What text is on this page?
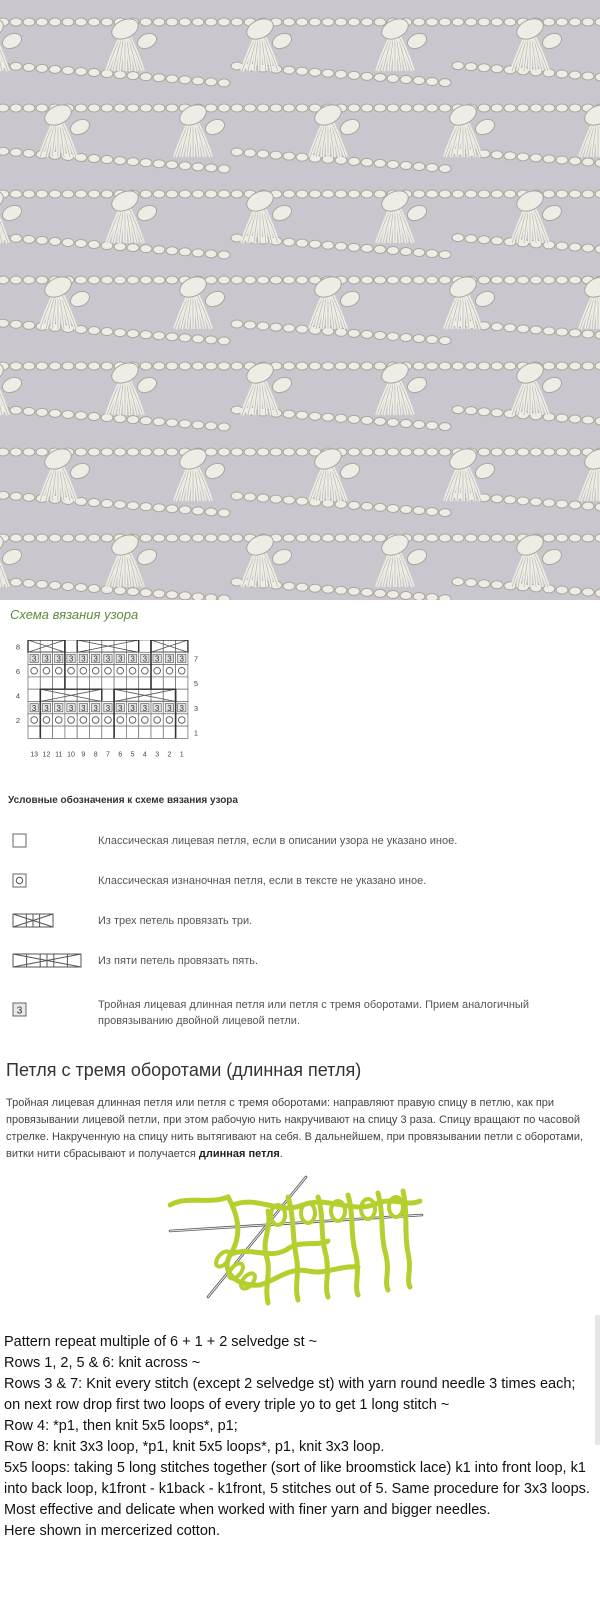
Схема вязания узора
3 3 3 3 3 3 3 3 3 3 3 3 3
3 3 3 3 3 3 3 3 3 3 3 3 3
8
6
4
2
7
5
3
1
13 12 11 10 9 8 7 6 5 4 3 2 1
Условные обозначения к схеме вязания узора
Классическая лицевая петля, если в описании узора не указано иное.
Классическая изнаночная петля, если в тексте не указано иное.
Из трех петель провязать три.
Из пяти петель провязать пять.
3	Тройная лицевая длинная петля или петля с тремя оборотами. Прием аналогичный провязыванию двойной лицевой петли.
Петля с тремя оборотами (длинная петля)
Тройная лицевая длинная петля или петля с тремя оборотами: направляют правую спицу в петлю, как при провязывании лицевой петли, при этом рабочую нить накручивают на спицу 3 раза. Спицу вращают по часовой стрелке. Накрученную на спицу нить вытягивают на себя. В дальнейшем, при провязывании петли с оборотами, витки нити сбрасывают и получается длинная петля.

Pattern repeat multiple of 6 + 1 + 2 selvedge st ~

Rows 1, 2, 5 & 6: knit across ~

Rows 3 & 7: Knit every stitch (except 2 selvedge st) with yarn round needle 3 times each; on next row drop first two loops of every triple yo to get 1 long stitch ~

Row 4: *p1, then knit 5x5 loops*, p1;

Row 8: knit 3x3 loop, *p1, knit 5x5 loops*, p1, knit 3x3 loop.

5x5 loops: taking 5 long stitches together (sort of like broomstick lace) k1 into front loop, k1 into back loop, k1front - k1back - k1front, 5 stitches out of 5. Same procedure for 3x3 loops.

Most effective and delicate when worked with finer yarn and bigger needles.

Here shown in mercerized cotton.
